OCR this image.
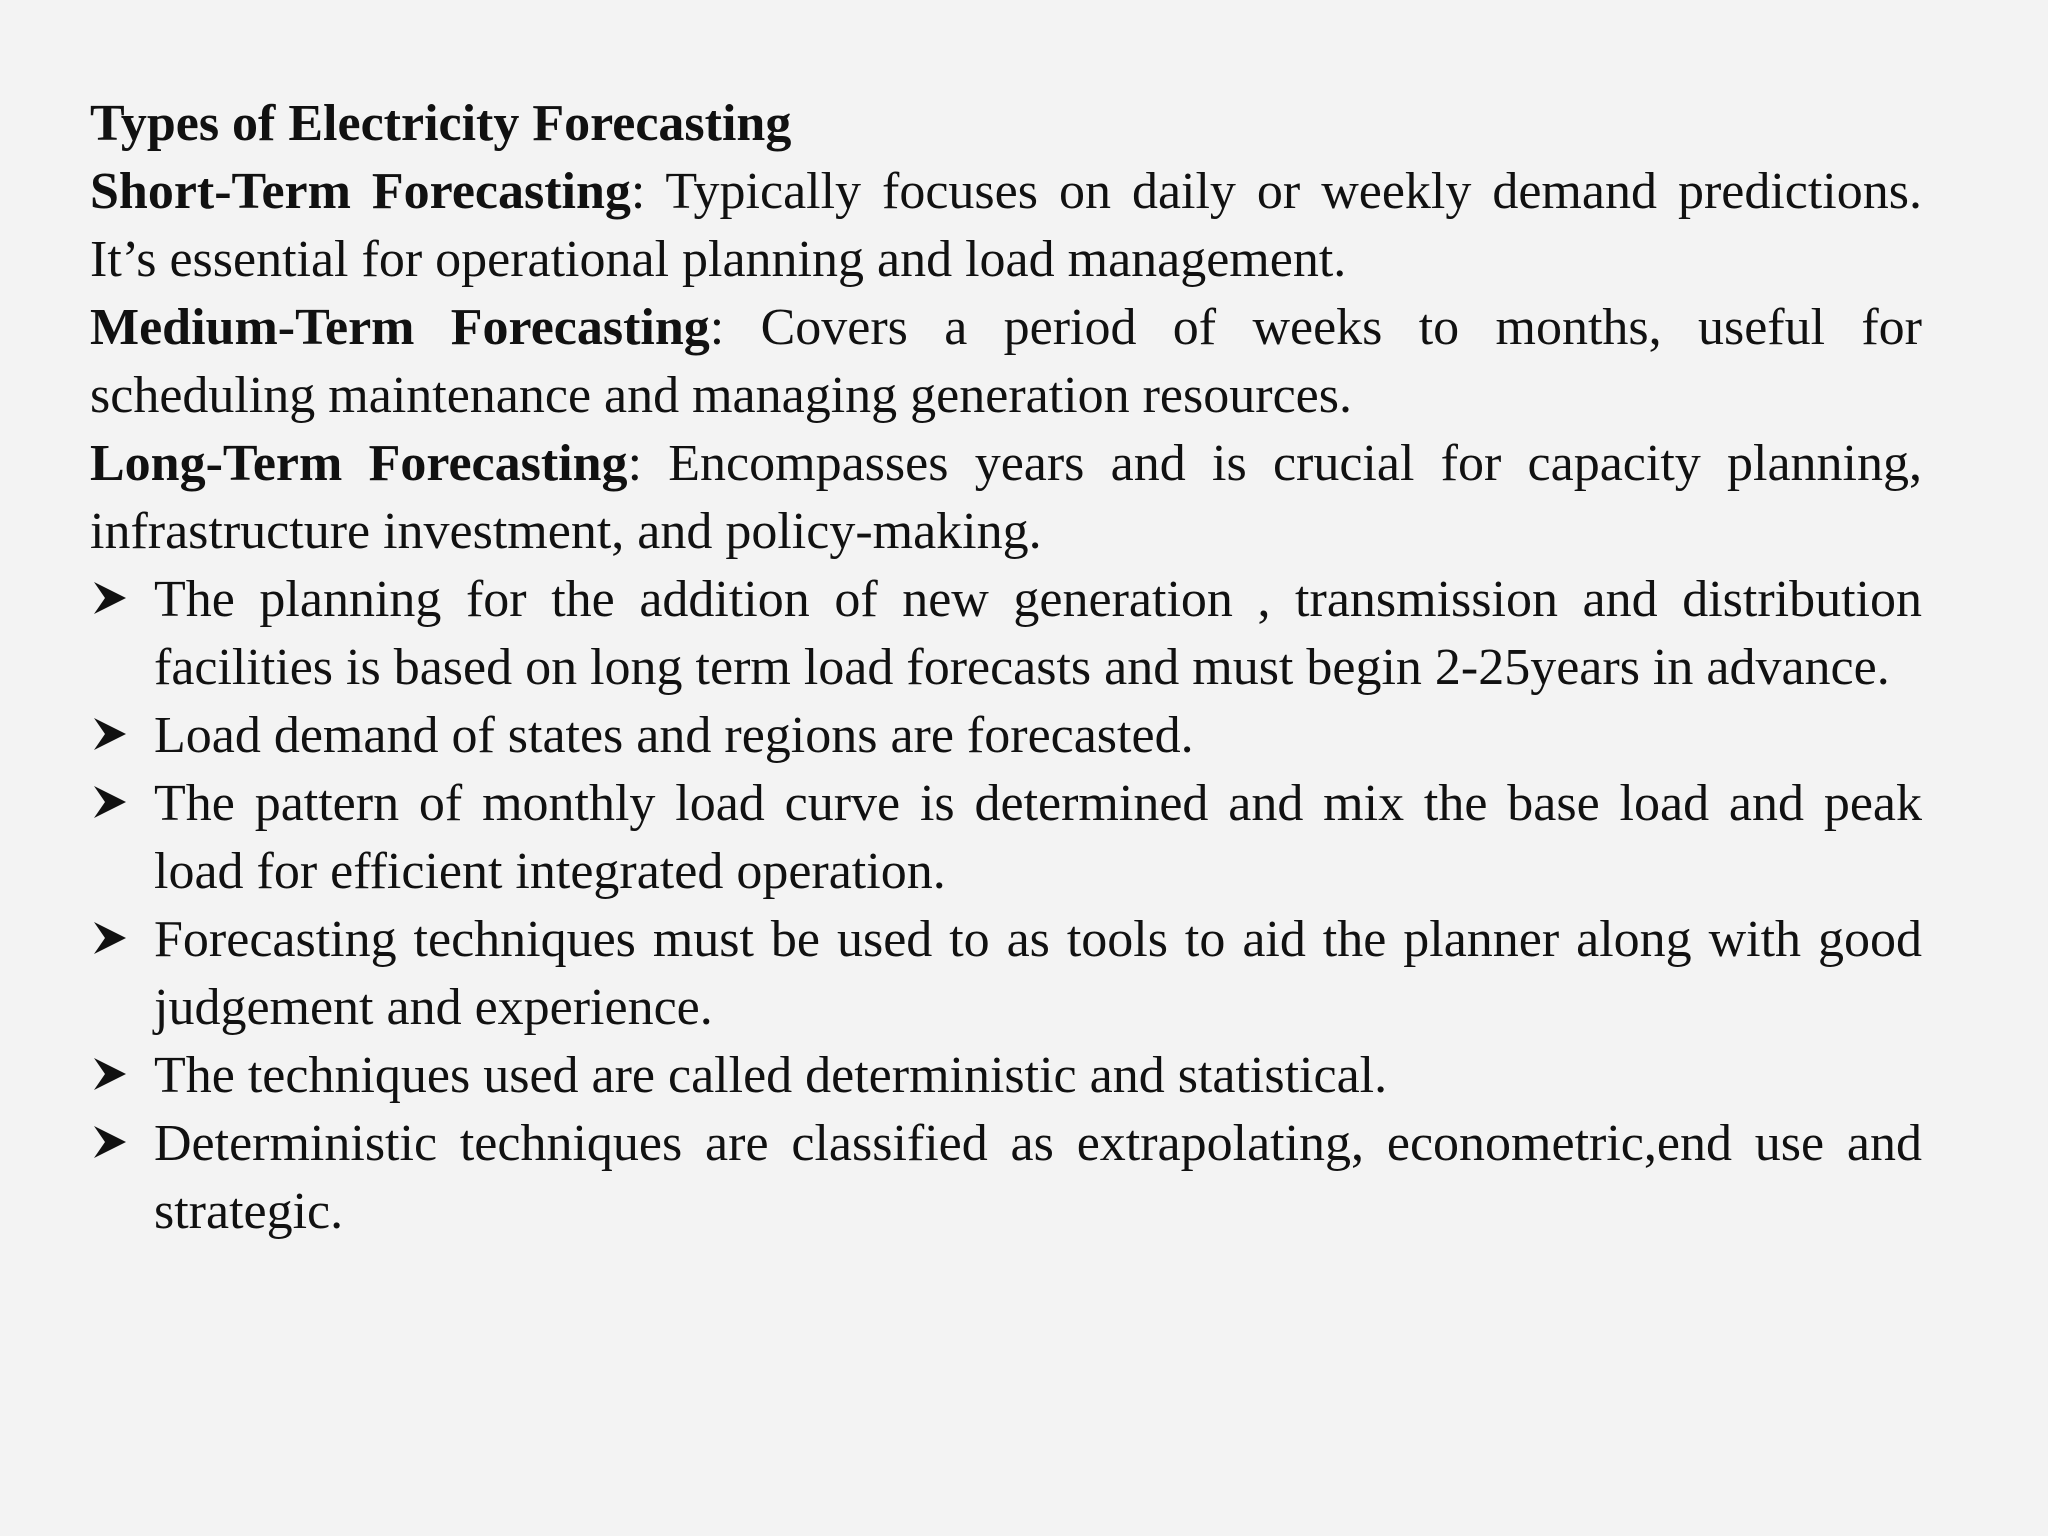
Types of Electricity Forecasting

Short-Term Forecasting: Typically focuses on daily or weekly demand predictions. It’s essential for operational planning and load management.

Medium-Term Forecasting: Covers a period of weeks to months, useful for scheduling maintenance and managing generation resources.

Long-Term Forecasting: Encompasses years and is crucial for capacity planning, infrastructure investment, and policy-making.

The planning for the addition of new generation , transmission and distribution facilities is based on long term load forecasts and must begin 2-25years in advance.
Load demand of states and regions are forecasted.
The pattern of monthly load curve is determined and mix the base load and peak load for efficient integrated operation.
Forecasting techniques must be used to as tools to aid the planner along with good judgement and experience.
The techniques used are called deterministic and statistical.
Deterministic techniques are classified as extrapolating, econometric,end use and strategic.
